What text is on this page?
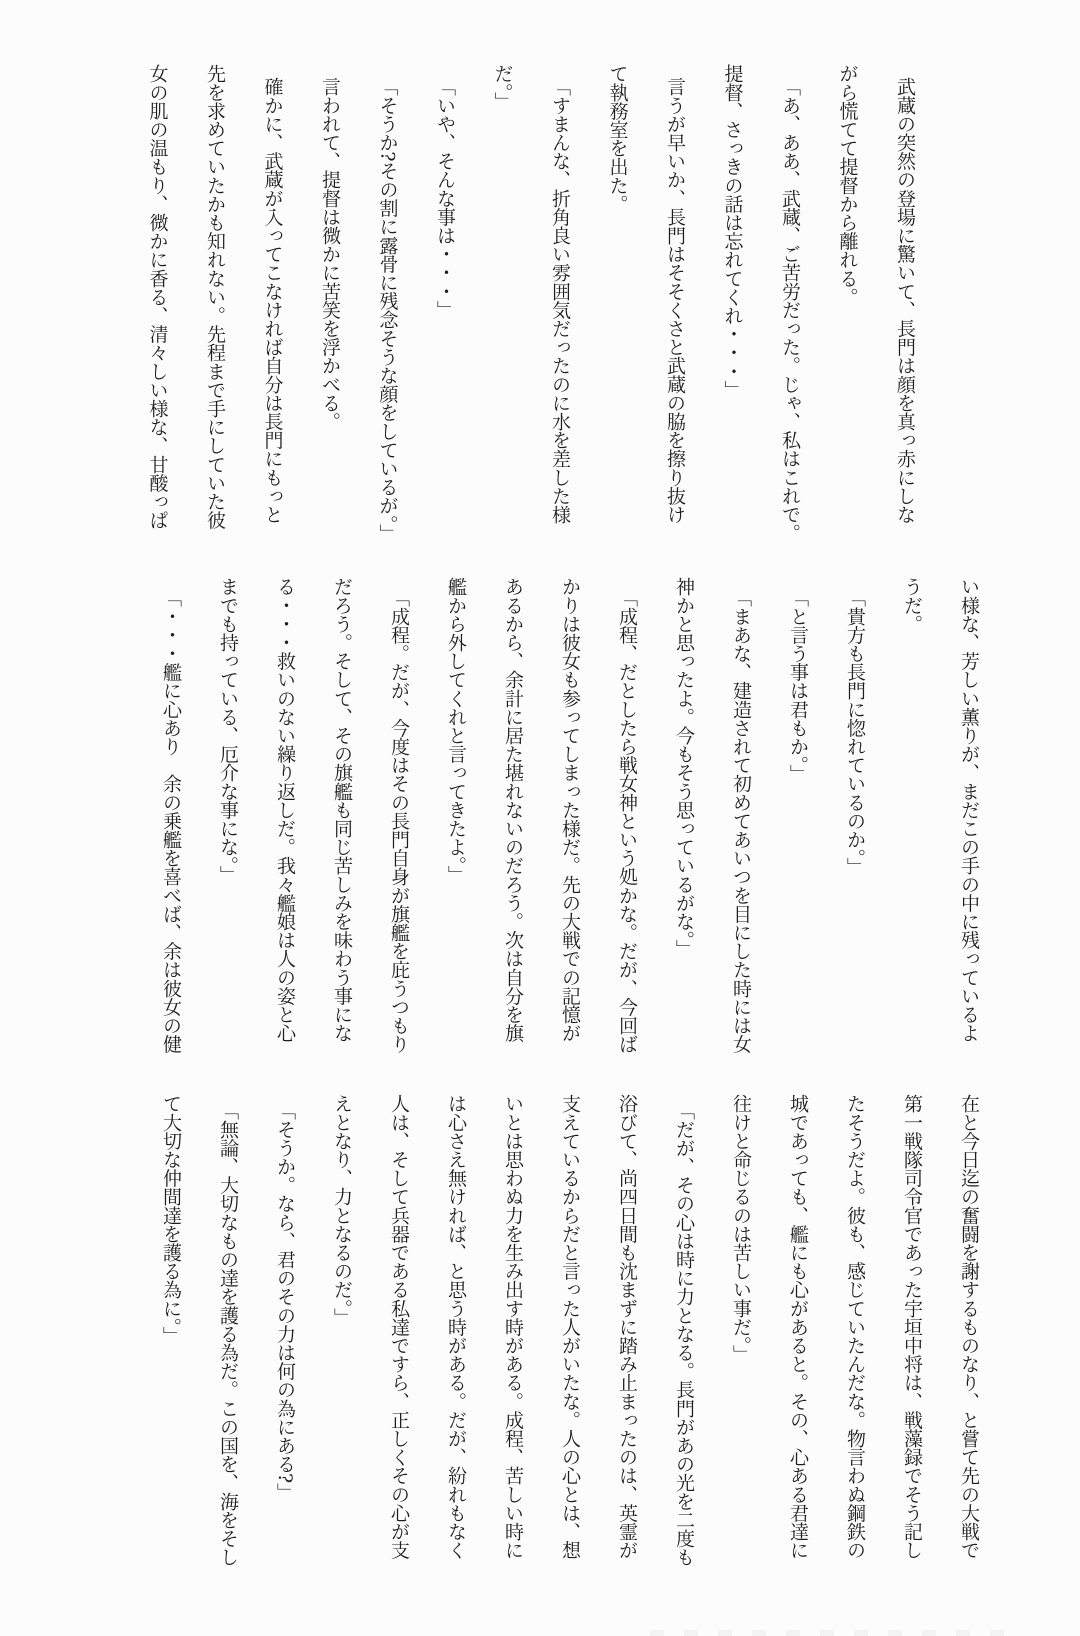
武蔵の突然の登場に驚いて、長門は顔を真っ赤にしな
がら慌てて提督から離れる。
「あ、ああ、武蔵、ご苦労だった。じゃ、私はこれで。
提督、さっきの話は忘れてくれ・・・」
言うが早いか、長門はそそくさと武蔵の脇を擦り抜け
て執務室を出た。
「すまんな、折角良い雰囲気だったのに水を差した様
だ。」
「いや、そんな事は・・・」
「そうか?その割に露骨に残念そうな顔をしているが。」
言われて、提督は微かに苦笑を浮かべる。
確かに、武蔵が入ってこなければ自分は長門にもっと
先を求めていたかも知れない。先程まで手にしていた彼
女の肌の温もり、微かに香る、清々しい様な、甘酸っぱ
い様な、芳しい薫りが、まだこの手の中に残っているよ
うだ。
「貴方も長門に惚れているのか。」
「と言う事は君もか。」
「まあな、建造されて初めてあいつを目にした時には女
神かと思ったよ。今もそう思っているがな。」
「成程、だとしたら戦女神という処かな。だが、今回ば
かりは彼女も参ってしまった様だ。先の大戦での記憶が
あるから、余計に居た堪れないのだろう。次は自分を旗
艦から外してくれと言ってきたよ。」
「成程。だが、今度はその長門自身が旗艦を庇うつもり
だろう。そして、その旗艦も同じ苦しみを味わう事にな
る・・・救いのない繰り返しだ。我々艦娘は人の姿と心
までも持っている、厄介な事にな。」
「・・・艦に心あり　余の乗艦を喜べば、余は彼女の健
在と今日迄の奮闘を謝するものなり、と嘗て先の大戦で
第一戦隊司令官であった宇垣中将は、戦藻録でそう記し
たそうだよ。彼も、感じていたんだな。物言わぬ鋼鉄の
城であっても、艦にも心があると。その、心ある君達に
往けと命じるのは苦しい事だ。」
「だが、その心は時に力となる。長門があの光を二度も
浴びて、尚四日間も沈まずに踏み止まったのは、英霊が
支えているからだと言った人がいたな。人の心とは、想
いとは思わぬ力を生み出す時がある。成程、苦しい時に
は心さえ無ければ、と思う時がある。だが、紛れもなく
人は、そして兵器である私達ですら、正しくその心が支
えとなり、力となるのだ。」
「そうか。なら、君のその力は何の為にある?」
「無論、大切なもの達を護る為だ。この国を、海をそし
て大切な仲間達を護る為に。」
